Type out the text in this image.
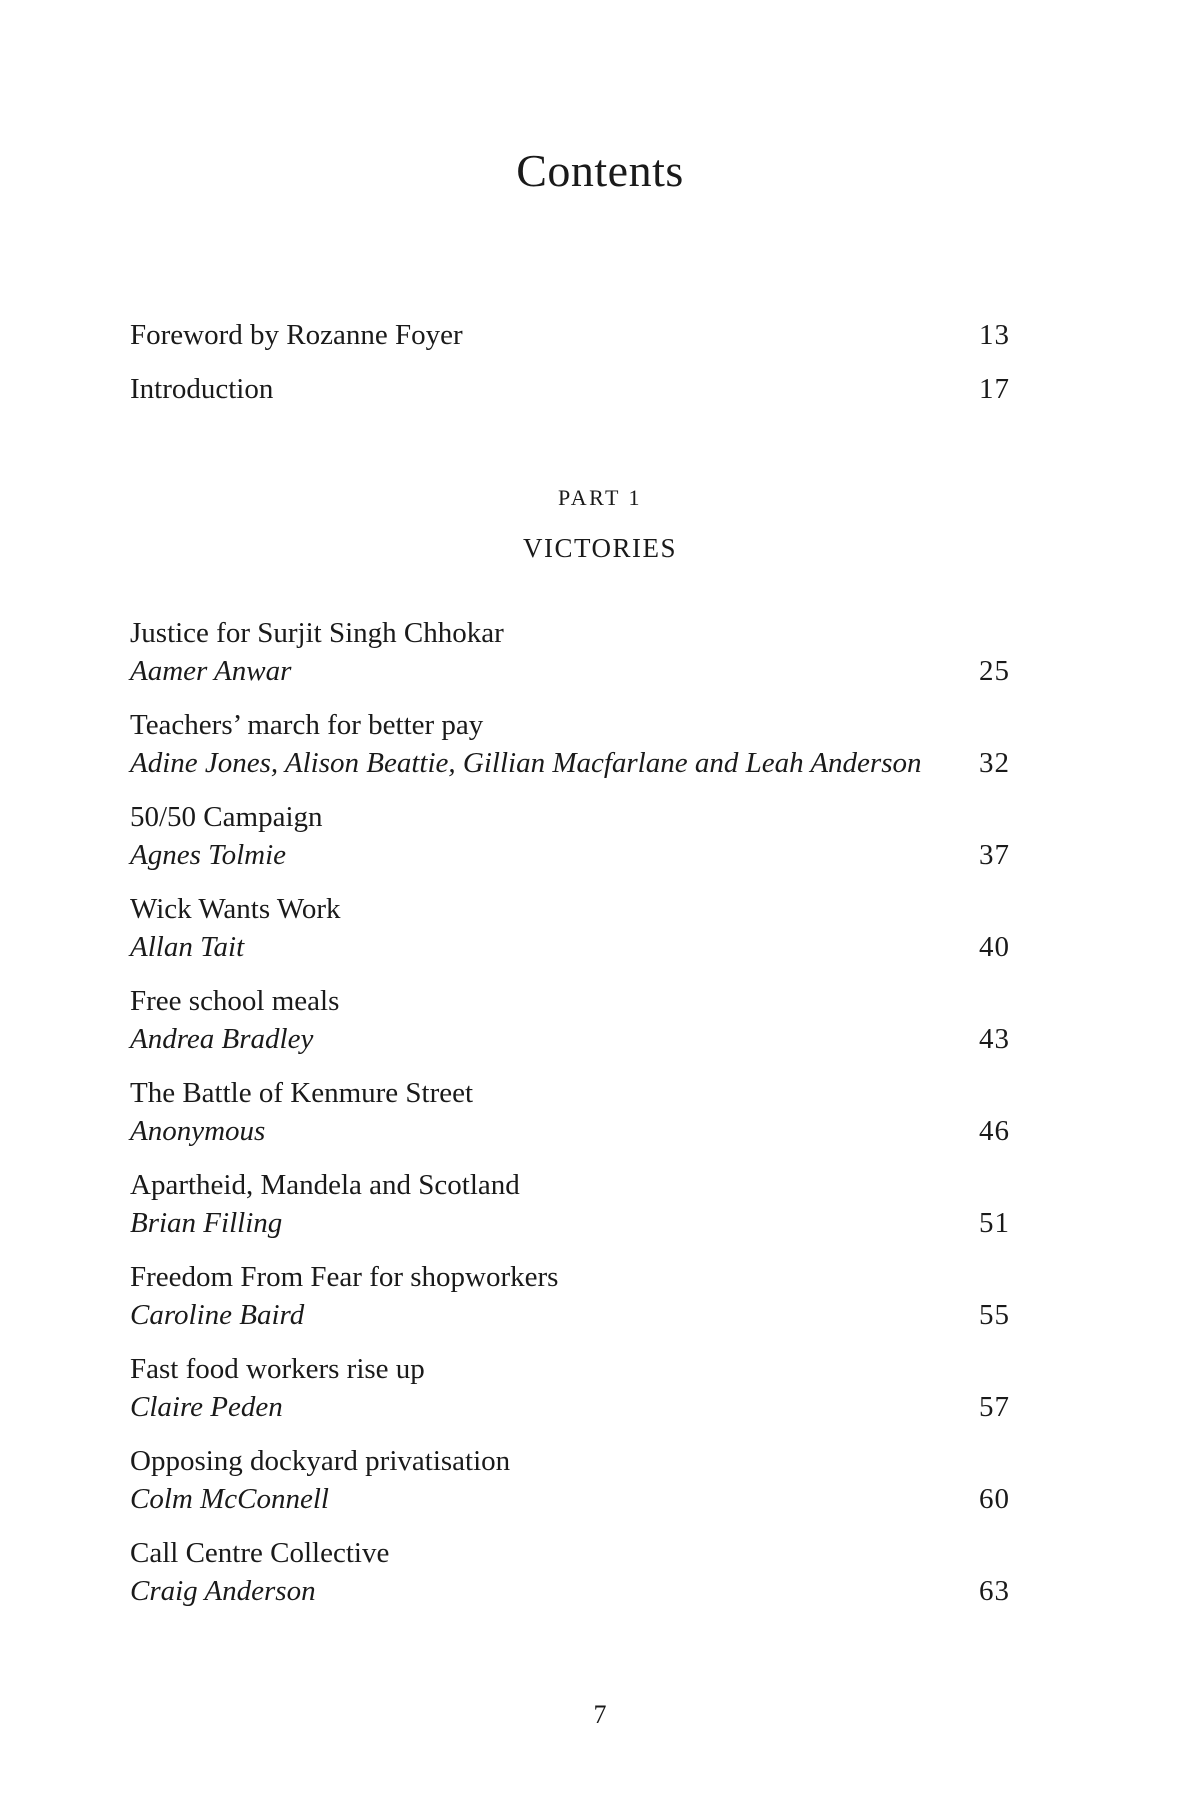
Contents
Foreword by Rozanne Foyer	13
Introduction	17
PART 1
VICTORIES
Justice for Surjit Singh Chhokar
Aamer Anwar	25
Teachers’ march for better pay
Adine Jones, Alison Beattie, Gillian Macfarlane and Leah Anderson 32
50/50 Campaign
Agnes Tolmie	37
Wick Wants Work
Allan Tait	40
Free school meals
Andrea Bradley	43
The Battle of Kenmure Street
Anonymous	46
Apartheid, Mandela and Scotland
Brian Filling	51
Freedom From Fear for shopworkers
Caroline Baird	55
Fast food workers rise up
Claire Peden	57
Opposing dockyard privatisation
Colm McConnell	60
Call Centre Collective
Craig Anderson	63
7
